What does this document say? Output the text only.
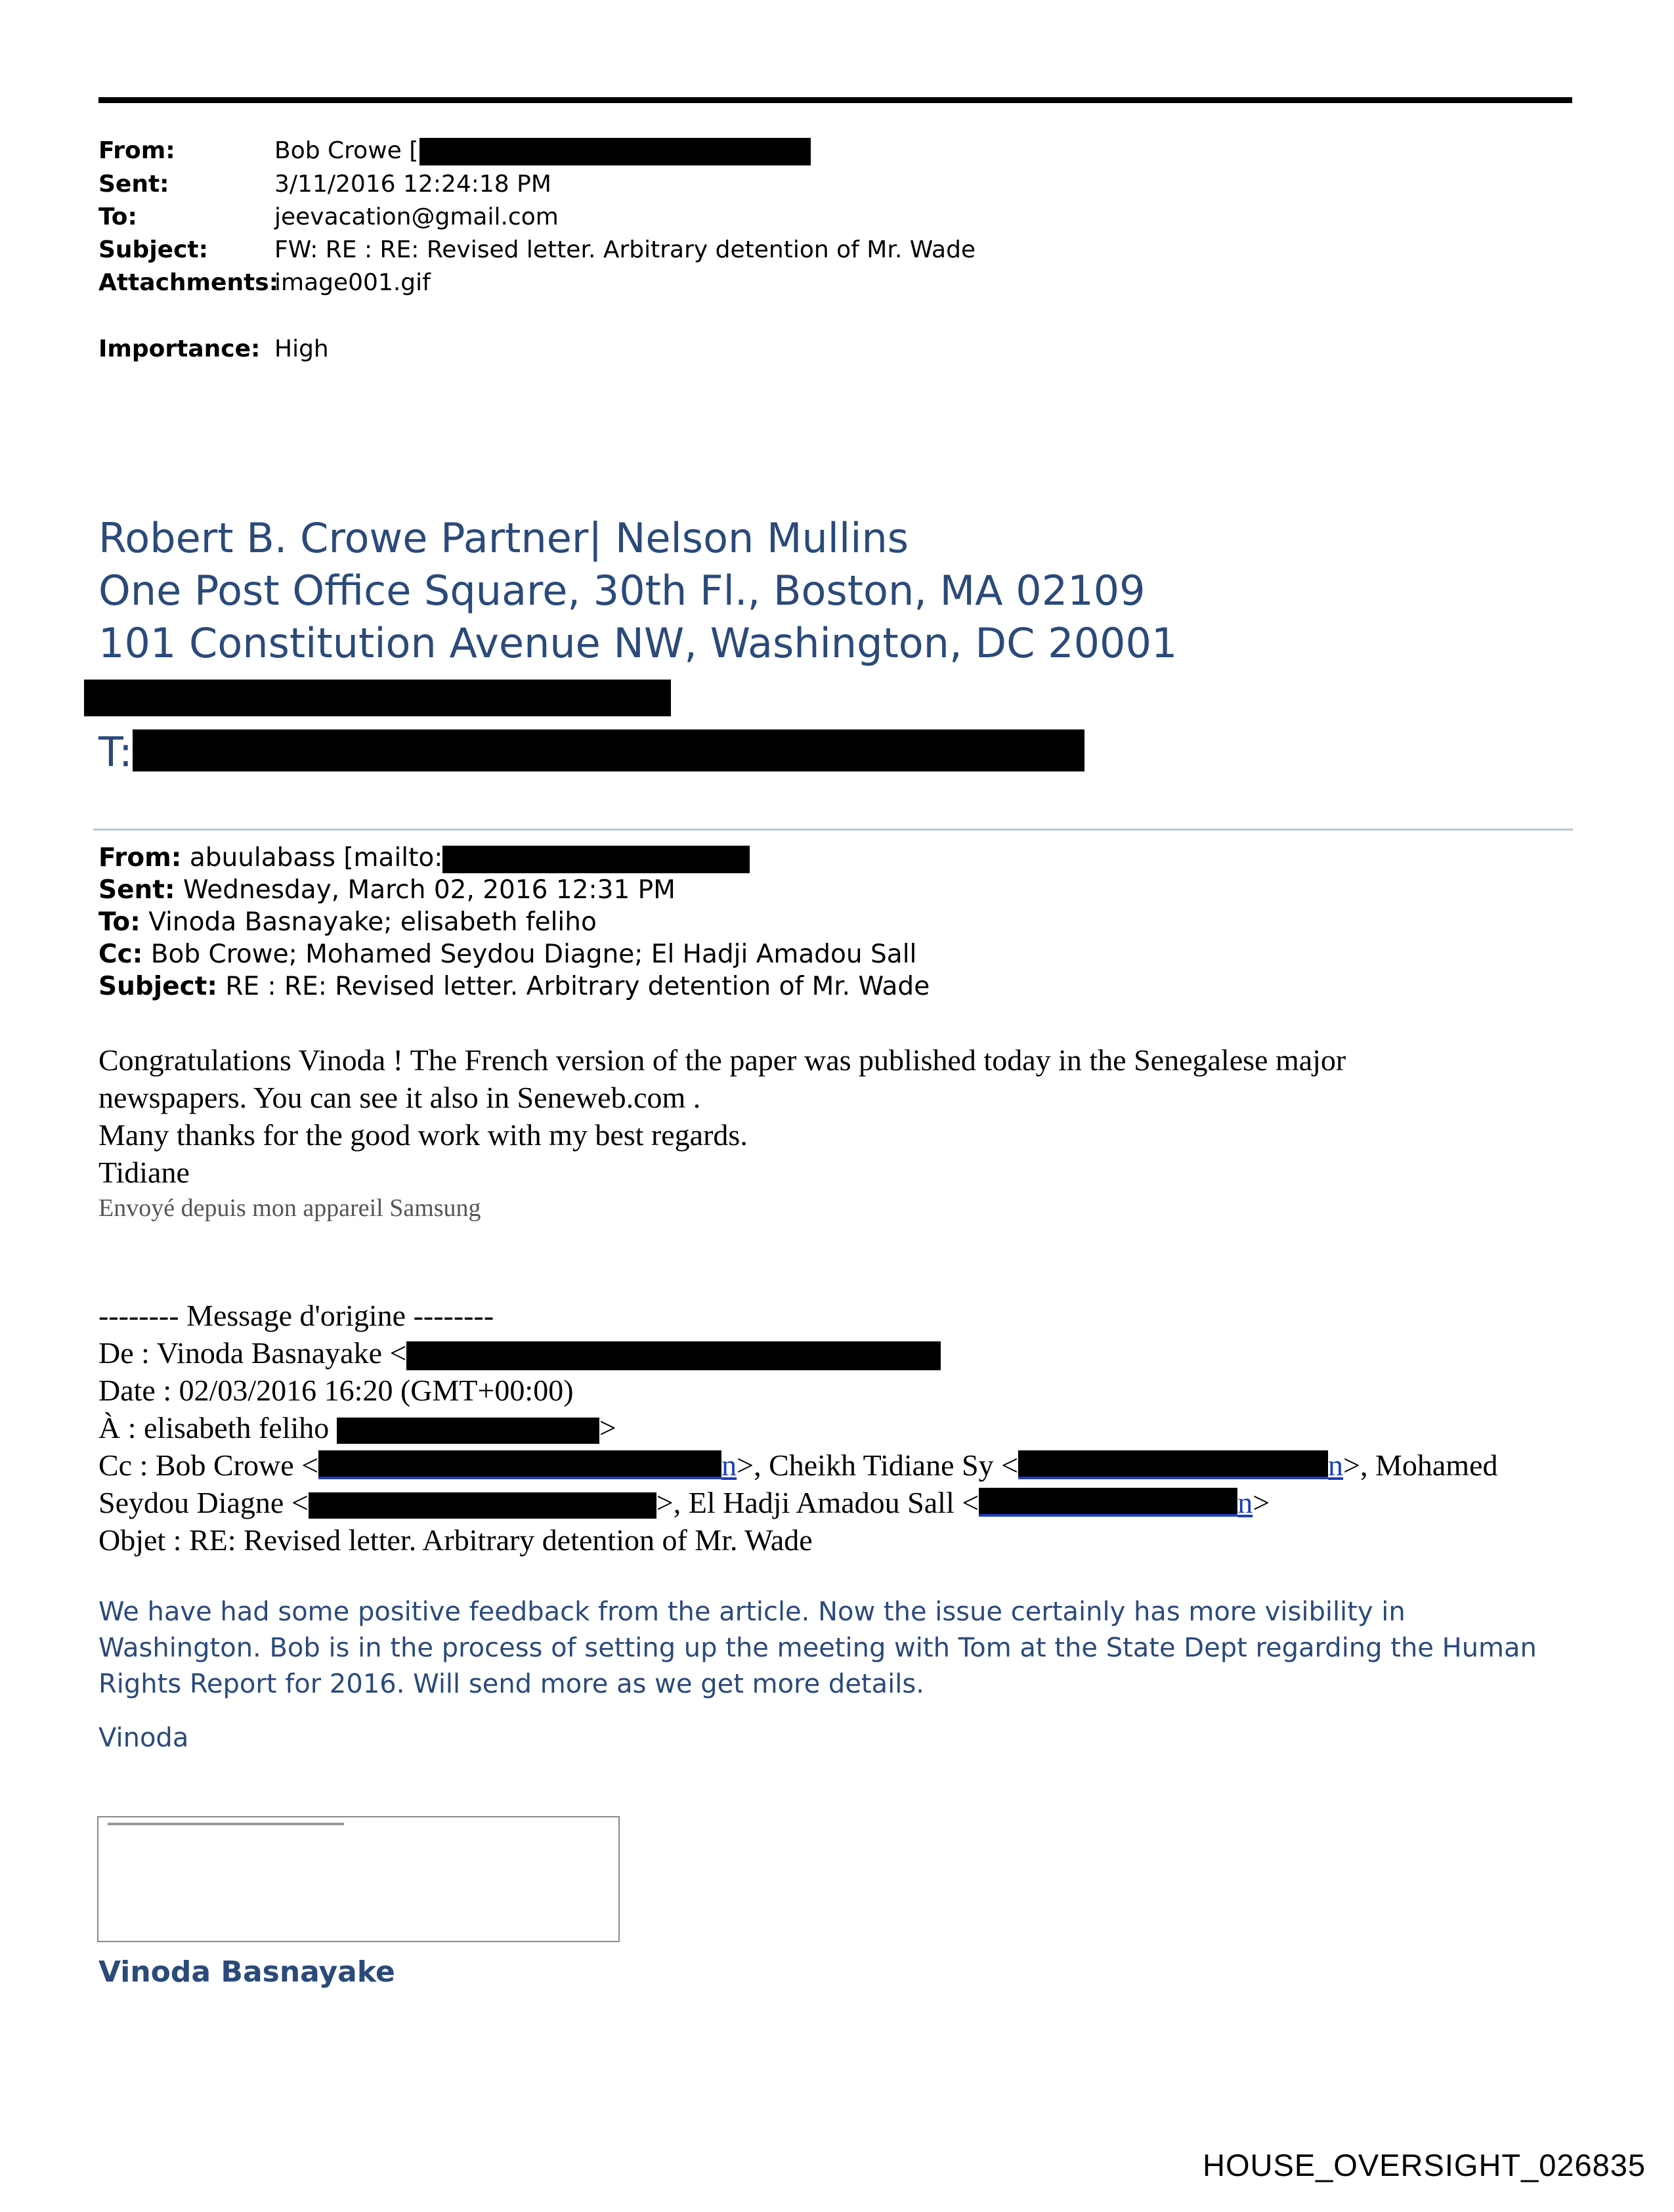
From:	Bob Crowe [
Sent:	3/11/2016 12:24:18 PM
To:	jeevacation@gmail.com
Subject:	FW: RE : RE: Revised letter. Arbitrary detention of Mr. Wade
Attachments:image001.gif
Importance: High
Robert B. Crowe Partner| Nelson Mullins
One Post Office Square, 30th Fl., Boston, MA 02109
101 Constitution Avenue NW, Washington, DC 20001
T:
From: abuulabass [mailto:
Sent: Wednesday, March 02, 2016 12:31 PM
To: Vinoda Basnayake; elisabeth feliho
Cc: Bob Crowe; Mohamed Seydou Diagne; El Hadji Amadou Sall
Subject: RE : RE: Revised letter. Arbitrary detention of Mr. Wade
Congratulations Vinoda ! The French version of the paper was published today in the Senegalese major
newspapers. You can see it also in Seneweb.com .
Many thanks for the good work with my best regards.
Tidiane
Envoyé depuis mon appareil Samsung
-------- Message d'origine --------
De : Vinoda Basnayake <
Date : 02/03/2016 16:20 (GMT+00:00)
À : elisabeth feliho	>
Cc : Bob Crowe <	n>, Cheikh Tidiane Sy <	n>, Mohamed
Seydou Diagne <	>, El Hadji Amadou Sall <	n>
Objet : RE: Revised letter. Arbitrary detention of Mr. Wade
We have had some positive feedback from the article. Now the issue certainly has more visibility in Washington. Bob is in the process of setting up the meeting with Tom at the State Dept regarding the Human Rights Report for 2016. Will send more as we get more details.
Vinoda
Vinoda Basnayake
HOUSE_OVERSIGHT_026835
